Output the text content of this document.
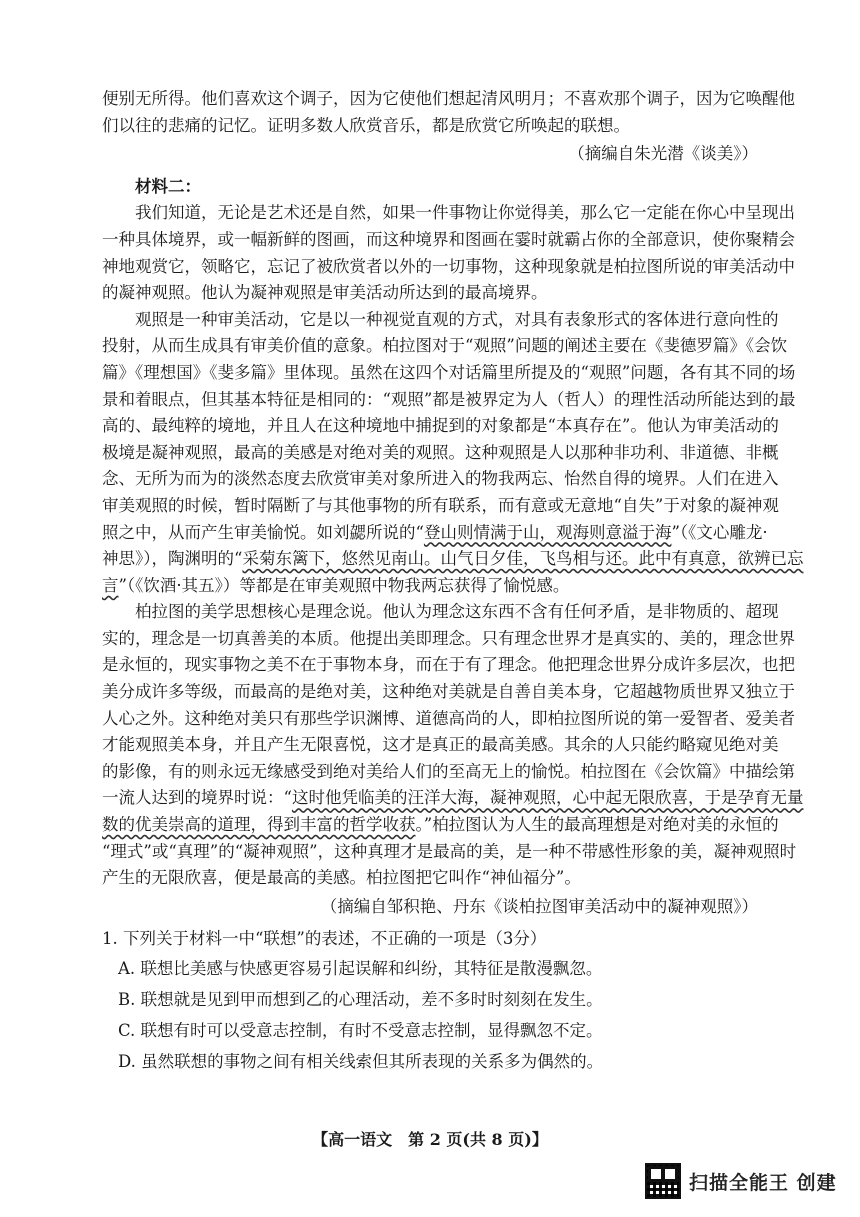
便别无所得。他们喜欢这个调子，因为它使他们想起清风明月；不喜欢那个调子，因为它唤醒他
们以往的悲痛的记忆。证明多数人欣赏音乐，都是欣赏它所唤起的联想。

（摘编自朱光潜《谈美》）
材料二：

我们知道，无论是艺术还是自然，如果一件事物让你觉得美，那么它一定能在你心中呈现出
一种具体境界，或一幅新鲜的图画，而这种境界和图画在霎时就霸占你的全部意识，使你聚精会
神地观赏它，领略它，忘记了被欣赏者以外的一切事物，这种现象就是柏拉图所说的审美活动中
的凝神观照。他认为凝神观照是审美活动所达到的最高境界。

观照是一种审美活动，它是以一种视觉直观的方式，对具有表象形式的客体进行意向性的
投射，从而生成具有审美价值的意象。柏拉图对于“观照”问题的阐述主要在《斐德罗篇》《会饮
篇》《理想国》《斐多篇》里体现。虽然在这四个对话篇里所提及的“观照”问题，各有其不同的场
景和着眼点，但其基本特征是相同的：“观照”都是被界定为人（哲人）的理性活动所能达到的最
高的、最纯粹的境地，并且人在这种境地中捕捉到的对象都是“本真存在”。他认为审美活动的
极境是凝神观照，最高的美感是对绝对美的观照。这种观照是人以那种非功利、非道德、非概
念、无所为而为的淡然态度去欣赏审美对象所进入的物我两忘、怡然自得的境界。人们在进入
审美观照的时候，暂时隔断了与其他事物的所有联系，而有意或无意地“自失”于对象的凝神观
照之中，从而产生审美愉悦。如刘勰所说的“登山则情满于山，观海则意溢于海”（《文心雕龙·
神思》），陶渊明的“采菊东篱下，悠然见南山。山气日夕佳，飞鸟相与还。此中有真意，欲辨已忘
言”（《饮酒·其五》）等都是在审美观照中物我两忘获得了愉悦感。

柏拉图的美学思想核心是理念说。他认为理念这东西不含有任何矛盾，是非物质的、超现
实的，理念是一切真善美的本质。他提出美即理念。只有理念世界才是真实的、美的，理念世界
是永恒的，现实事物之美不在于事物本身，而在于有了理念。他把理念世界分成许多层次，也把
美分成许多等级，而最高的是绝对美，这种绝对美就是自善自美本身，它超越物质世界又独立于
人心之外。这种绝对美只有那些学识渊博、道德高尚的人，即柏拉图所说的第一爱智者、爱美者
才能观照美本身，并且产生无限喜悦，这才是真正的最高美感。其余的人只能约略窥见绝对美
的影像，有的则永远无缘感受到绝对美给人们的至高无上的愉悦。柏拉图在《会饮篇》中描绘第
一流人达到的境界时说：“这时他凭临美的汪洋大海，凝神观照，心中起无限欣喜，于是孕育无量
数的优美崇高的道理，得到丰富的哲学收获。”柏拉图认为人生的最高理想是对绝对美的永恒的
“理式”或“真理”的“凝神观照”，这种真理才是最高的美，是一种不带感性形象的美，凝神观照时
产生的无限欣喜，便是最高的美感。柏拉图把它叫作“神仙福分”。

（摘编自邹积艳、丹东《谈柏拉图审美活动中的凝神观照》）
1. 下列关于材料一中“联想”的表述，不正确的一项是（3分）
A. 联想比美感与快感更容易引起误解和纠纷，其特征是散漫飘忽。
B. 联想就是见到甲而想到乙的心理活动，差不多时时刻刻在发生。
C. 联想有时可以受意志控制，有时不受意志控制，显得飘忽不定。
D. 虽然联想的事物之间有相关线索但其所表现的关系多为偶然的。
【高一语文　第 2 页(共 8 页)】
扫描全能王 创建
